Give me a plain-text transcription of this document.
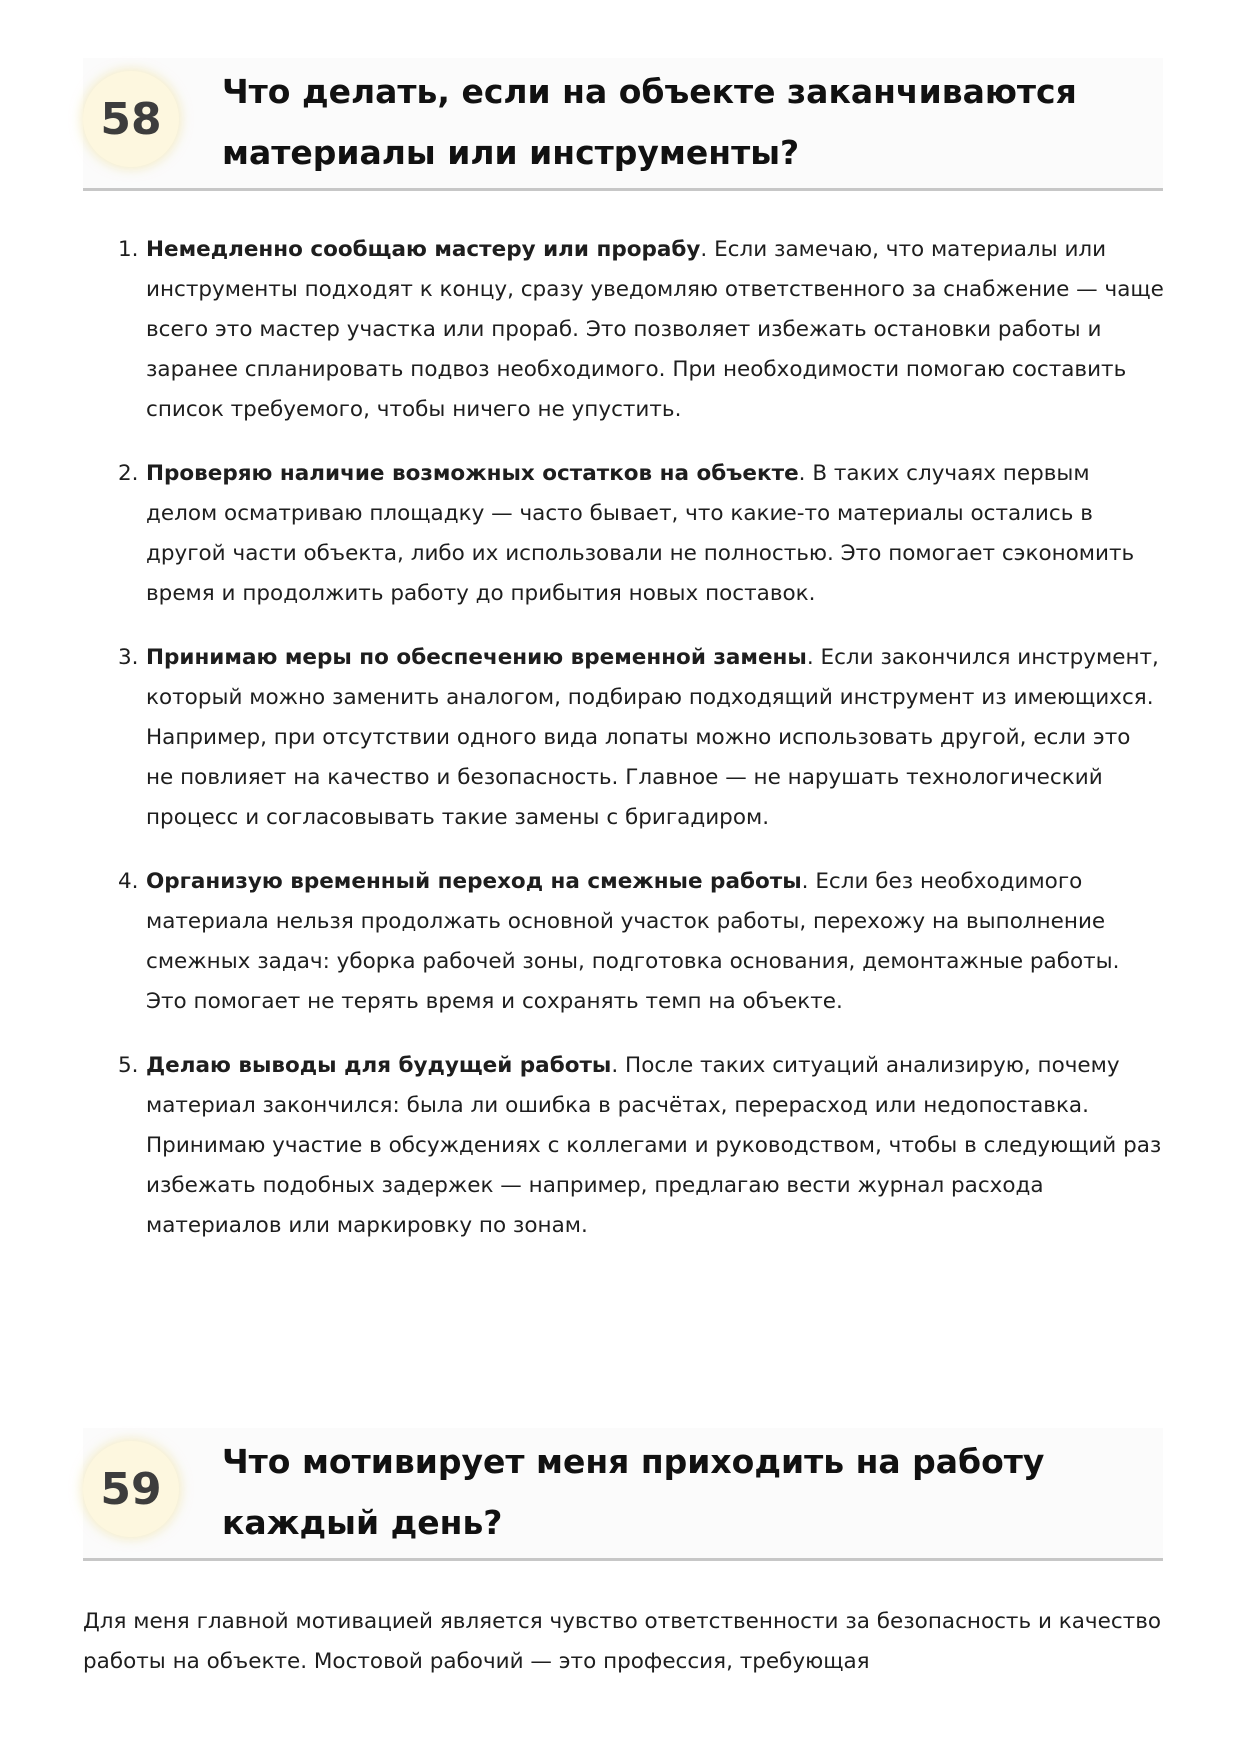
58
Что делать, если на объекте заканчиваются материалы или инструменты?
1. Немедленно сообщаю мастеру или прорабу. Если замечаю, что материалы или инструменты подходят к концу, сразу уведомляю ответственного за снабжение — чаще всего это мастер участка или прораб. Это позволяет избежать остановки работы и заранее спланировать подвоз необходимого. При необходимости помогаю составить список требуемого, чтобы ничего не упустить.
2. Проверяю наличие возможных остатков на объекте. В таких случаях первым делом осматриваю площадку — часто бывает, что какие-то материалы остались в другой части объекта, либо их использовали не полностью. Это помогает сэкономить время и продолжить работу до прибытия новых поставок.
3. Принимаю меры по обеспечению временной замены. Если закончился инструмент, который можно заменить аналогом, подбираю подходящий инструмент из имеющихся. Например, при отсутствии одного вида лопаты можно использовать другой, если это не повлияет на качество и безопасность. Главное — не нарушать технологический процесс и согласовывать такие замены с бригадиром.
4. Организую временный переход на смежные работы. Если без необходимого материала нельзя продолжать основной участок работы, перехожу на выполнение смежных задач: уборка рабочей зоны, подготовка основания, демонтажные работы. Это помогает не терять время и сохранять темп на объекте.
5. Делаю выводы для будущей работы. После таких ситуаций анализирую, почему материал закончился: была ли ошибка в расчётах, перерасход или недопоставка. Принимаю участие в обсуждениях с коллегами и руководством, чтобы в следующий раз избежать подобных задержек — например, предлагаю вести журнал расхода материалов или маркировку по зонам.
59
Что мотивирует меня приходить на работу каждый день?

Для меня главной мотивацией является чувство ответственности за безопасность и качество работы на объекте. Мостовой рабочий — это профессия, требующая
